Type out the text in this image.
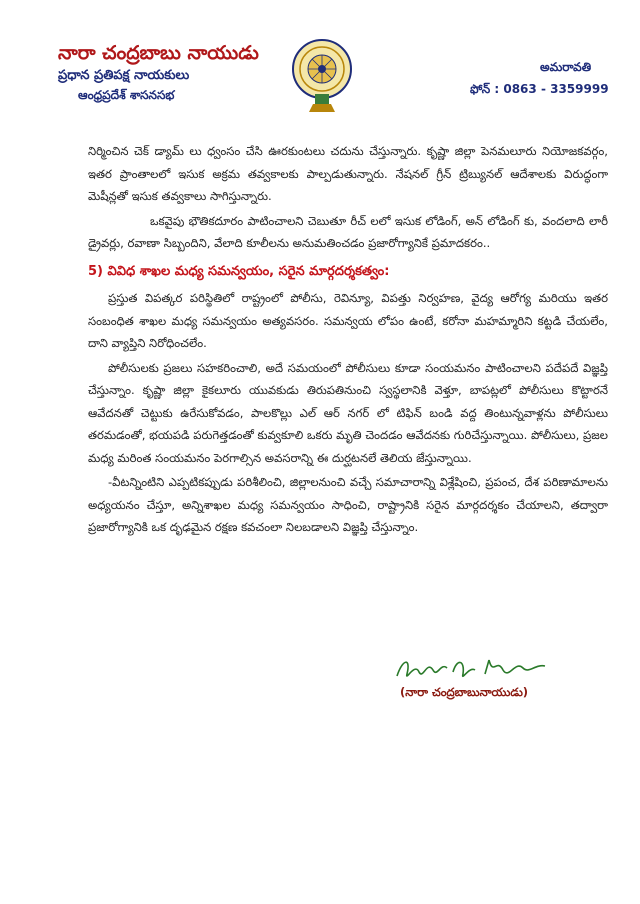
నారా చంద్రబాబు నాయుడు
ప్రధాన ప్రతిపక్ష నాయకులు
ఆంధ్రప్రదేశ్ శాసనసభ
అమరావతి
ఫోన్ : 0863 - 3359999

నిర్మించిన చెక్ డ్యామ్ లు ధ్వంసం చేసి ఊరకుంటలు చదును చేస్తున్నారు. కృష్ణా జిల్లా పెనమలూరు నియోజకవర్గం, ఇతర ప్రాంతాలలో ఇసుక అక్రమ తవ్వకాలకు పాల్పడుతున్నారు. నేషనల్ గ్రీన్ ట్రిబ్యునల్ ఆదేశాలకు విరుద్ధంగా మెషీన్లతో ఇసుక తవ్వకాలు సాగిస్తున్నారు.

ఒకవైపు భౌతికదూరం పాటించాలని చెబుతూ రీచ్ లలో ఇసుక లోడింగ్, అన్ లోడింగ్ కు, వందలాది లారీ డ్రైవర్లు, రవాణా సిబ్బందిని, వేలాది కూలీలను అనుమతించడం ప్రజారోగ్యానికే ప్రమాదకరం..

5) వివిధ శాఖల మధ్య సమన్వయం, సరైన మార్గదర్శకత్వం:

ప్రస్తుత విపత్కర పరిస్థితిలో రాష్ట్రంలో పోలీసు, రెవిన్యూ, విపత్తు నిర్వహణ, వైద్య ఆరోగ్య మరియు ఇతర సంబంధిత శాఖల మధ్య సమన్వయం అత్యవసరం. సమన్వయ లోపం ఉంటే, కరోనా మహమ్మారిని కట్టడి చేయలేం, దాని వ్యాప్తిని నిరోధించలేం.

పోలీసులకు ప్రజలు సహకరించాలి, అదే సమయంలో పోలీసులు కూడా సంయమనం పాటించాలని పదేపదే విజ్ఞప్తి చేస్తున్నాం. కృష్ణా జిల్లా కైకలూరు యువకుడు తిరుపతినుంచి స్వస్థలానికి వెళ్తూ, బాపట్లలో పోలీసులు కొట్టారనే ఆవేదనతో చెట్టుకు ఉరేసుకోవడం, పాలకొల్లు ఎల్ ఆర్ నగర్ లో టిఫిన్ బండి వద్ద తింటున్నవాళ్లను పోలీసులు తరమడంతో, భయపడి పరుగెత్తడంతో కువ్వకూలి ఒకరు మృతి చెందడం ఆవేదనకు గురిచేస్తున్నాయి. పోలీసులు, ప్రజల మధ్య మరింత సంయమనం పెరగాల్సిన అవసరాన్ని ఈ దుర్ఘటనలే తెలియ జేస్తున్నాయి.

-వీటన్నింటిని ఎప్పటికప్పుడు పరిశీలించి, జిల్లాలనుంచి వచ్చే సమాచారాన్ని విశ్లేషించి, ప్రపంచ, దేశ పరిణామాలను అధ్యయనం చేస్తూ, అన్నిశాఖల మధ్య సమన్వయం సాధించి, రాష్ట్రానికి సరైన మార్గదర్శకం చేయాలని, తద్వారా ప్రజారోగ్యానికి ఒక దృఢమైన రక్షణ కవచంలా నిలబడాలని విజ్ఞప్తి చేస్తున్నాం.

(నారా చంద్రబాబునాయుడు)
